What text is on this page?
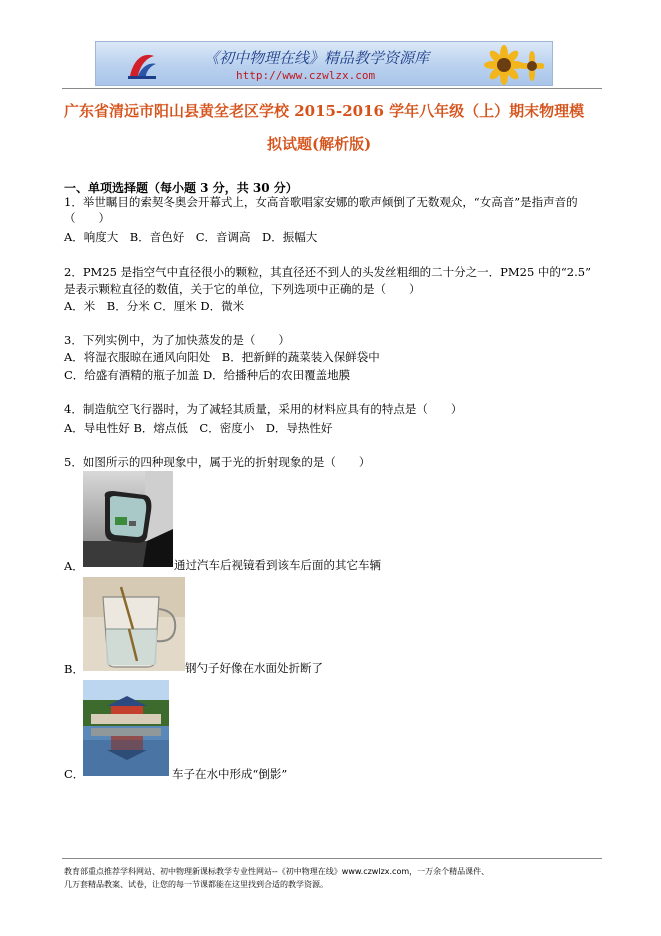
《初中物理在线》精品教学资源库
http://www.czwlzx.com
广东省清远市阳山县黄坌老区学校 2015-2016 学年八年级（上）期末物理模
拟试题(解析版)
一、单项选择题（每小题 3 分，共 30 分）
1．举世瞩目的索契冬奥会开幕式上，女高音歌唱家安娜的歌声倾倒了无数观众，“女高音”是指声音的
（　　）
A．响度大　B．音色好　C．音调高　D．振幅大
2．PM25 是指空气中直径很小的颗粒，其直径还不到人的头发丝粗细的二十分之一．PM25 中的“2.5”
是表示颗粒直径的数值，关于它的单位，下列选项中正确的是（　　）
A．米　B．分米 C．厘米 D．微米
3．下列实例中，为了加快蒸发的是（　　）
A．将湿衣服晾在通风向阳处　B．把新鲜的蔬菜装入保鲜袋中
C．给盛有酒精的瓶子加盖 D．给播种后的农田覆盖地膜
4．制造航空飞行器时，为了减轻其质量，采用的材料应具有的特点是（　　）
A．导电性好 B．熔点低　C．密度小　D．导热性好
5．如图所示的四种现象中，属于光的折射现象的是（　　）
A．	通过汽车后视镜看到该车后面的其它车辆
B．	钢勺子好像在水面处折断了
C．	车子在水中形成“倒影”
教育部重点推荐学科网站、初中物理新课标教学专业性网站--《初中物理在线》www.czwlzx.com，一万余个精品课件、
几万套精品教案、试卷，让您的每一节课都能在这里找到合适的教学资源。
